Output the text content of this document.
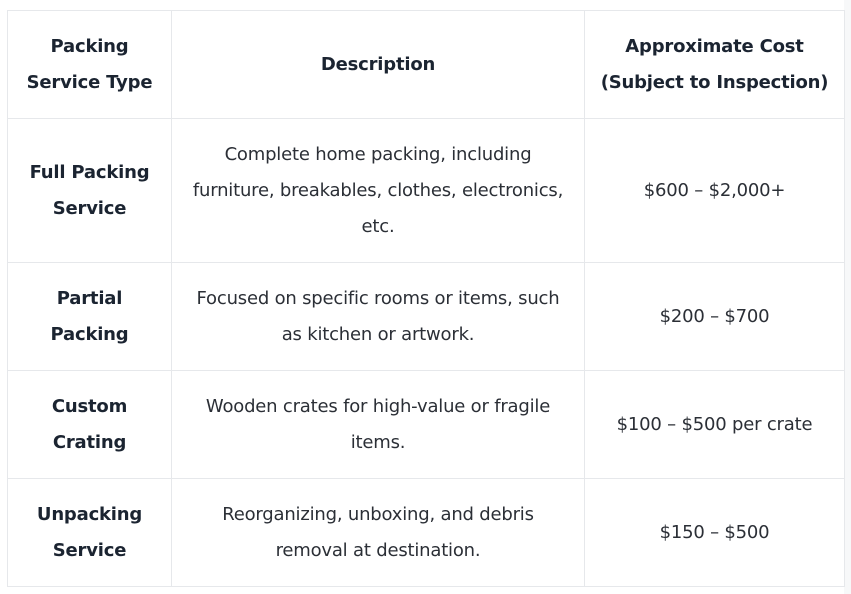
Packing Service Type	Description	Approximate Cost (Subject to Inspection)
Full Packing Service	Complete home packing, including furniture, breakables, clothes, electronics, etc.	$600 – $2,000+
Partial Packing	Focused on specific rooms or items, such as kitchen or artwork.	$200 – $700
Custom Crating	Wooden crates for high-value or fragile items.	$100 – $500 per crate
Unpacking Service	Reorganizing, unboxing, and debris removal at destination.	$150 – $500
